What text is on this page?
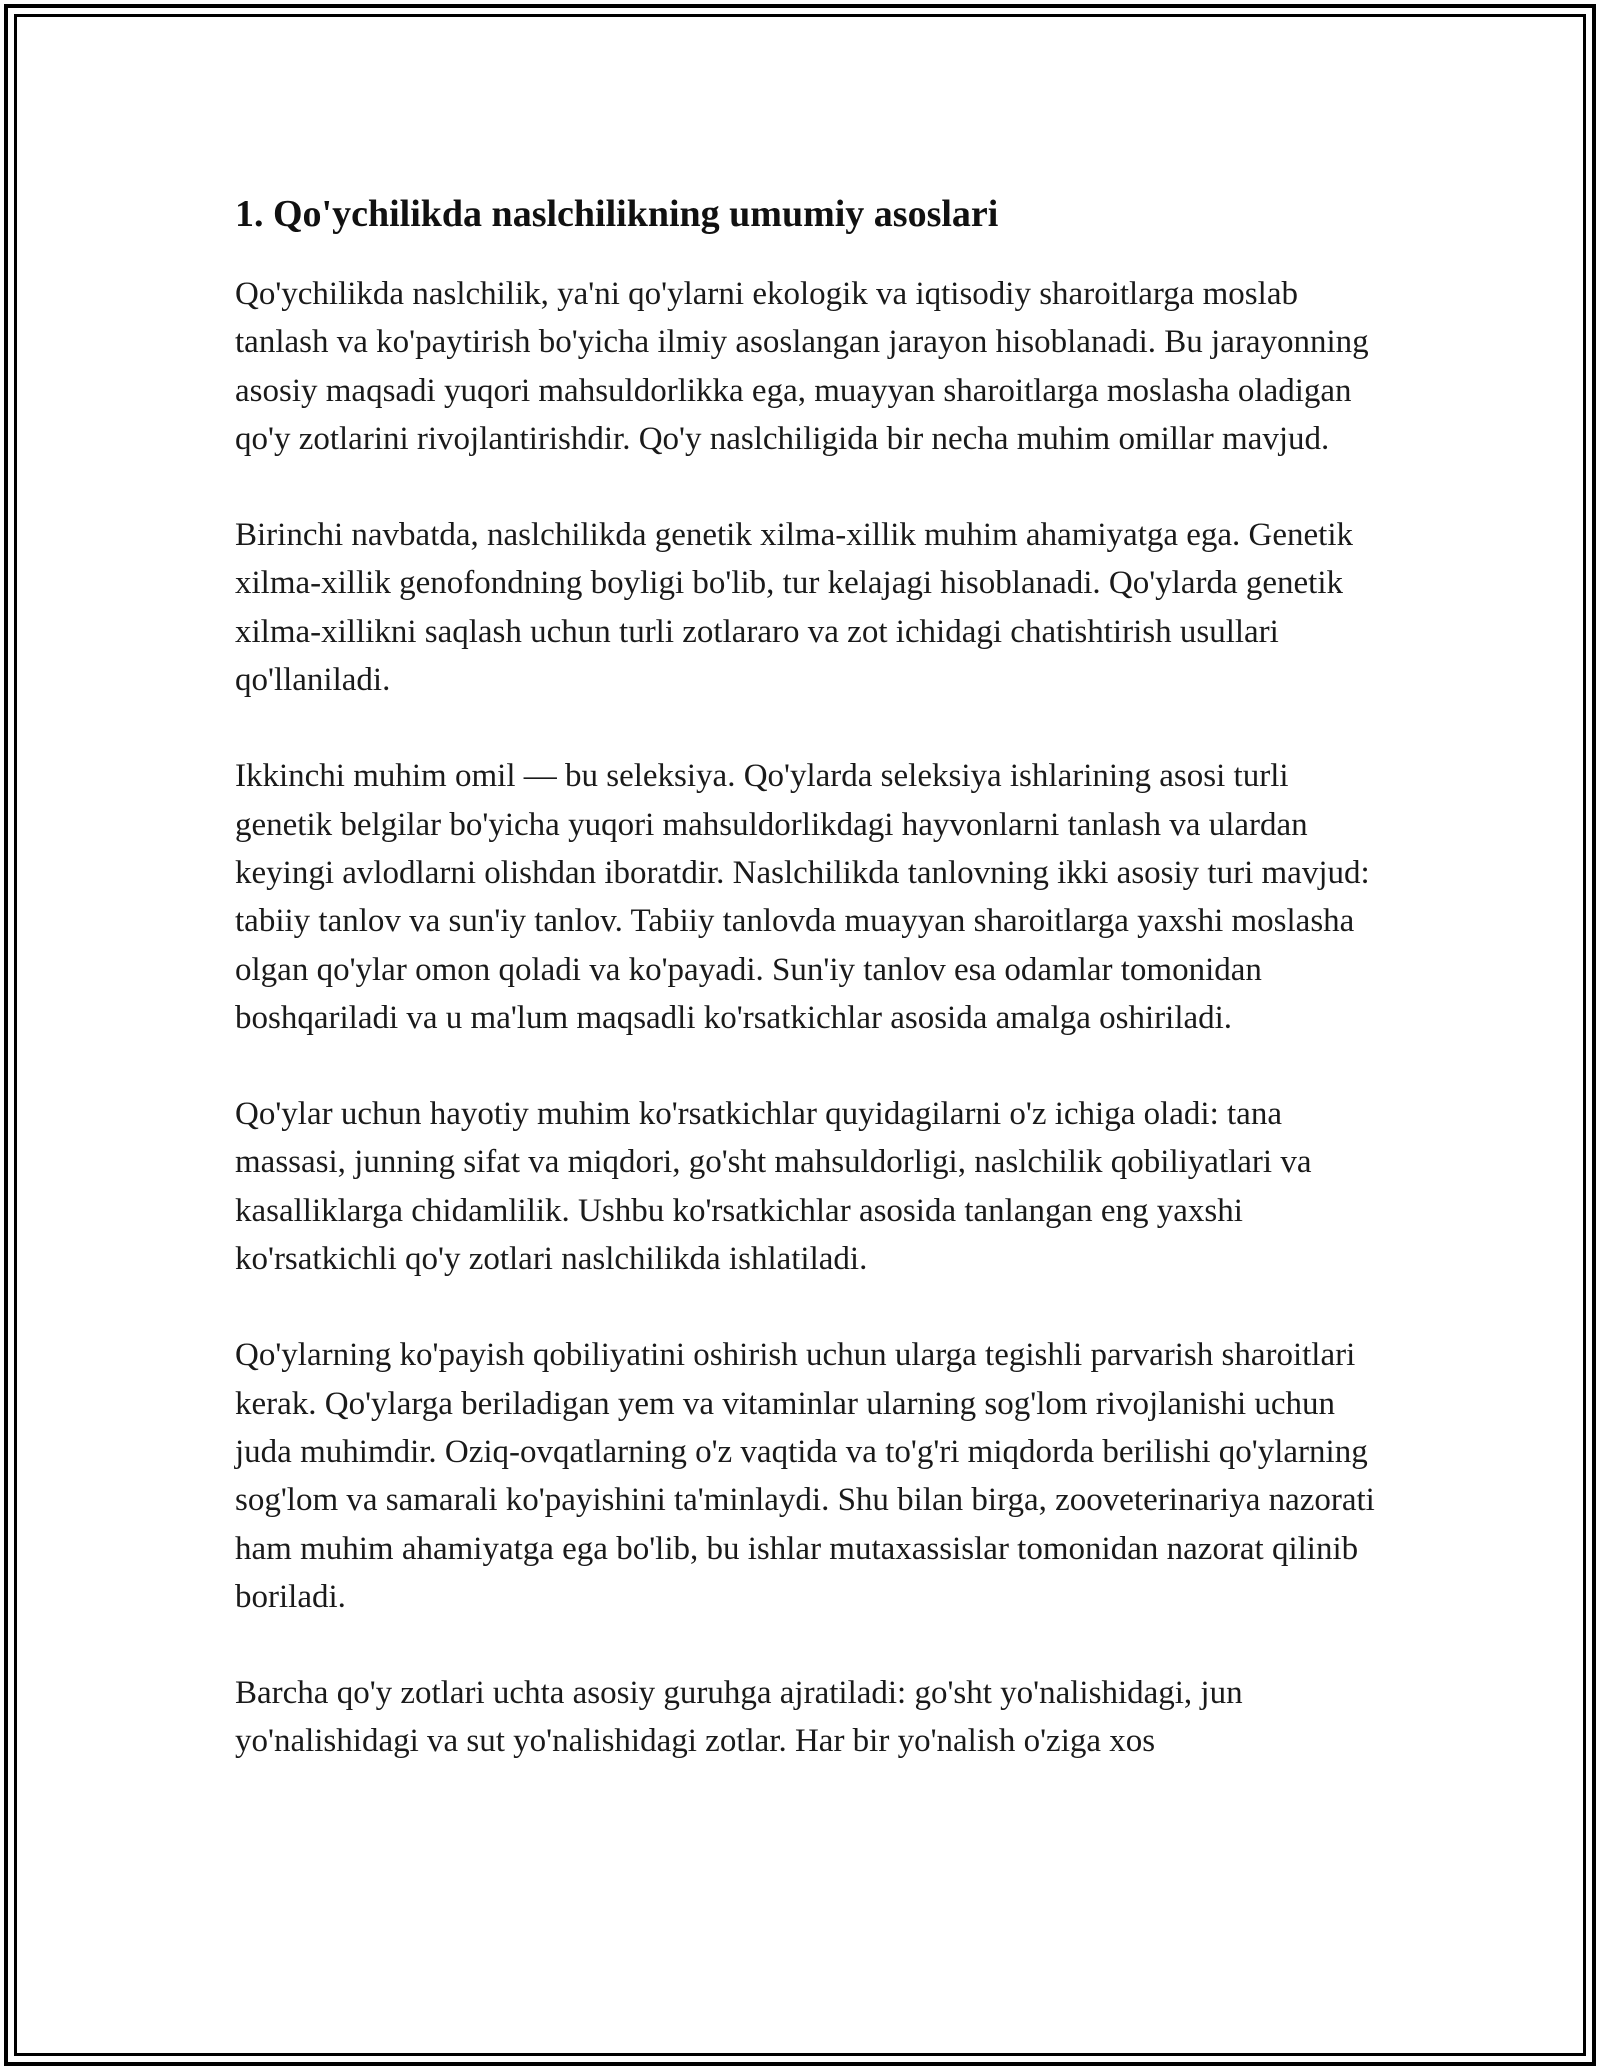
1. Qo'ychilikda naslchilikning umumiy asoslari

Qo'ychilikda naslchilik, ya'ni qo'ylarni ekologik va iqtisodiy sharoitlarga moslab tanlash va ko'paytirish bo'yicha ilmiy asoslangan jarayon hisoblanadi. Bu jarayonning asosiy maqsadi yuqori mahsuldorlikka ega, muayyan sharoitlarga moslasha oladigan qo'y zotlarini rivojlantirishdir. Qo'y naslchiligida bir necha muhim omillar mavjud.

Birinchi navbatda, naslchilikda genetik xilma-xillik muhim ahamiyatga ega. Genetik xilma-xillik genofondning boyligi bo'lib, tur kelajagi hisoblanadi. Qo'ylarda genetik xilma-xillikni saqlash uchun turli zotlararo va zot ichidagi chatishtirish usullari qo'llaniladi.

Ikkinchi muhim omil — bu seleksiya. Qo'ylarda seleksiya ishlarining asosi turli genetik belgilar bo'yicha yuqori mahsuldorlikdagi hayvonlarni tanlash va ulardan keyingi avlodlarni olishdan iboratdir. Naslchilikda tanlovning ikki asosiy turi mavjud: tabiiy tanlov va sun'iy tanlov. Tabiiy tanlovda muayyan sharoitlarga yaxshi moslasha olgan qo'ylar omon qoladi va ko'payadi. Sun'iy tanlov esa odamlar tomonidan boshqariladi va u ma'lum maqsadli ko'rsatkichlar asosida amalga oshiriladi.

Qo'ylar uchun hayotiy muhim ko'rsatkichlar quyidagilarni o'z ichiga oladi: tana massasi, junning sifat va miqdori, go'sht mahsuldorligi, naslchilik qobiliyatlari va kasalliklarga chidamlilik. Ushbu ko'rsatkichlar asosida tanlangan eng yaxshi ko'rsatkichli qo'y zotlari naslchilikda ishlatiladi.

Qo'ylarning ko'payish qobiliyatini oshirish uchun ularga tegishli parvarish sharoitlari kerak. Qo'ylarga beriladigan yem va vitaminlar ularning sog'lom rivojlanishi uchun juda muhimdir. Oziq-ovqatlarning o'z vaqtida va to'g'ri miqdorda berilishi qo'ylarning sog'lom va samarali ko'payishini ta'minlaydi. Shu bilan birga, zooveterinariya nazorati ham muhim ahamiyatga ega bo'lib, bu ishlar mutaxassislar tomonidan nazorat qilinib boriladi.

Barcha qo'y zotlari uchta asosiy guruhga ajratiladi: go'sht yo'nalishidagi, jun yo'nalishidagi va sut yo'nalishidagi zotlar. Har bir yo'nalish o'ziga xos
